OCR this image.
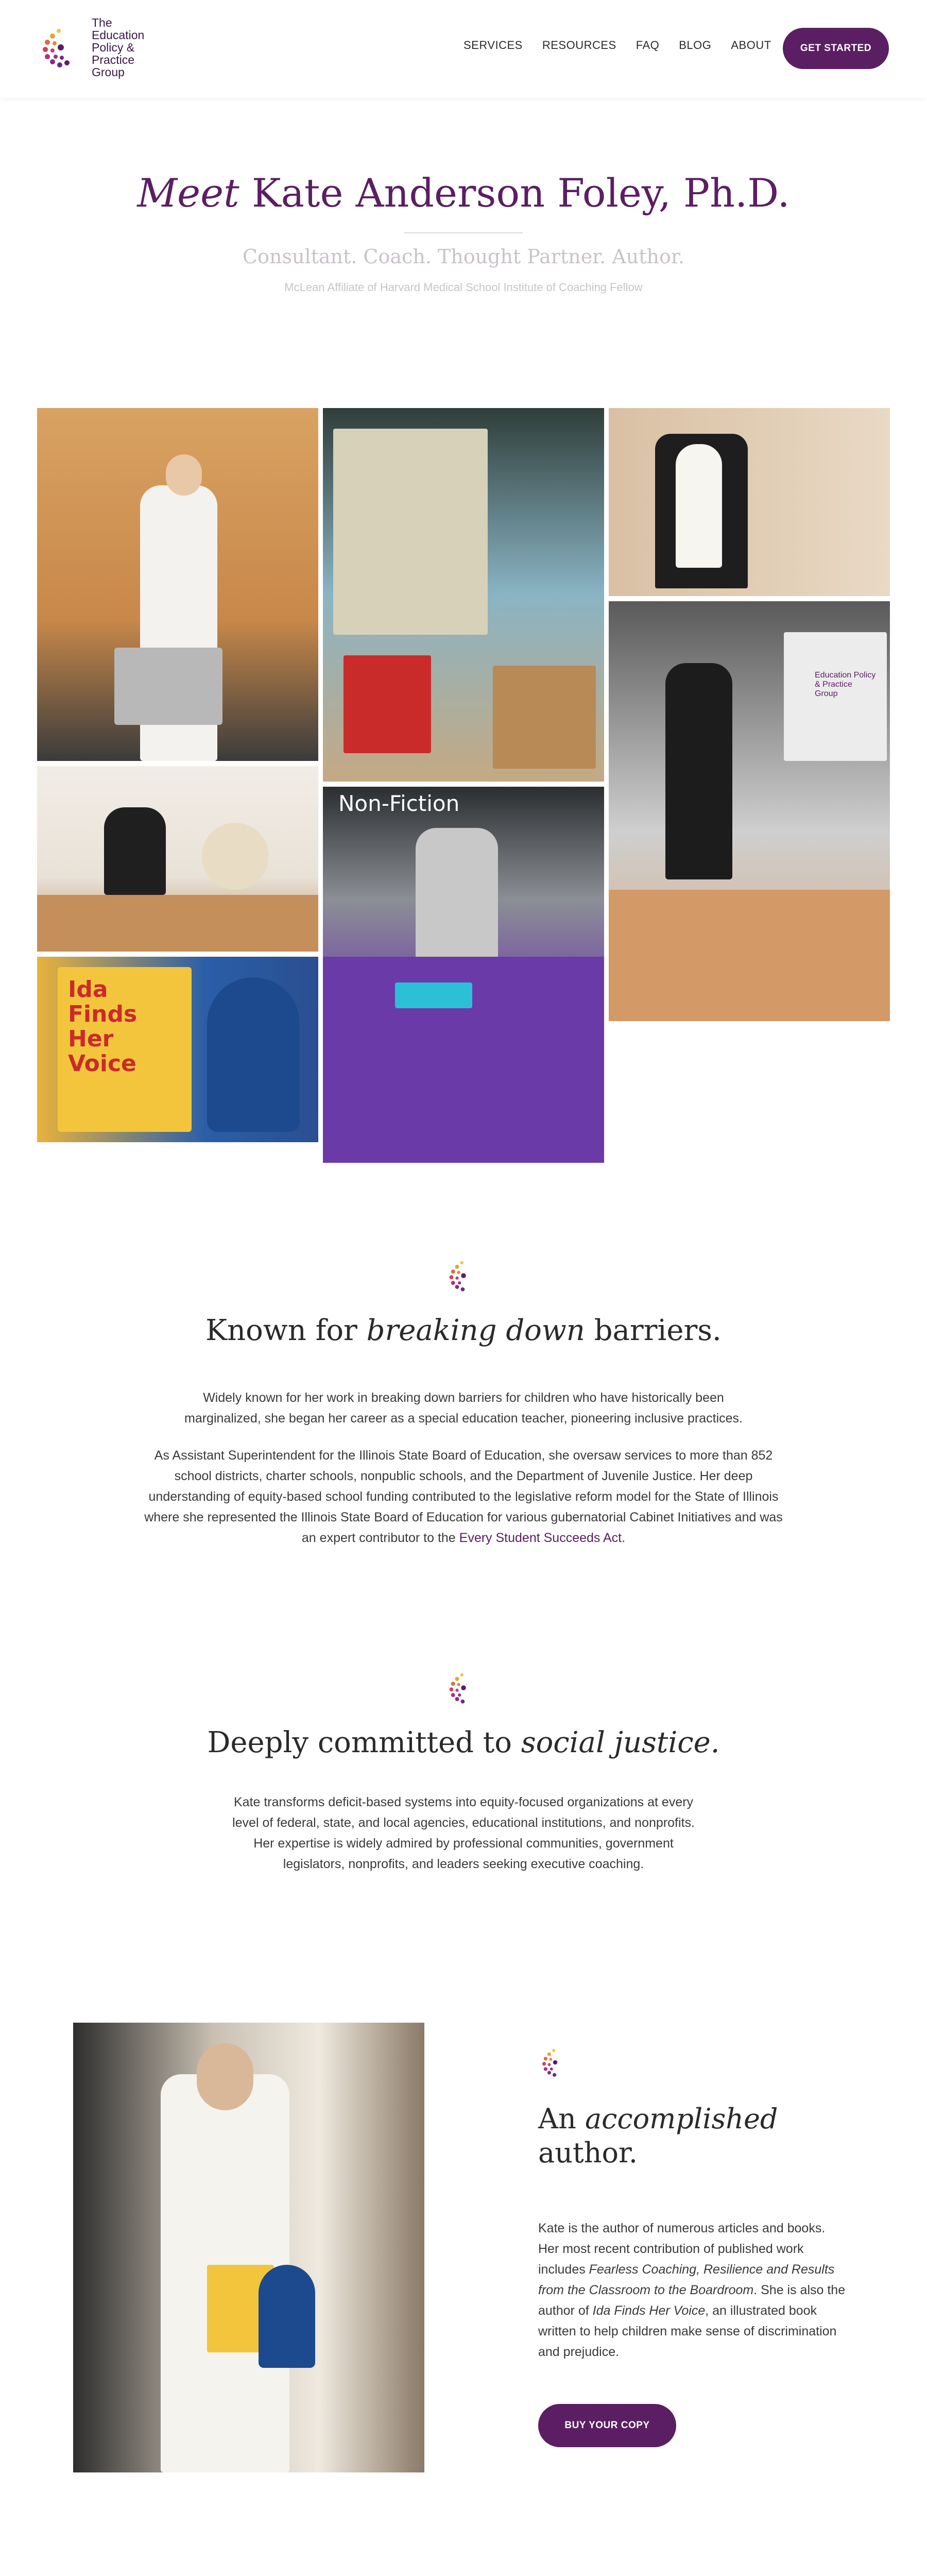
The
Education
Policy &
Practice
Group
SERVICES RESOURCES FAQ BLOG ABOUT	GET STARTED
Meet Kate Anderson Foley, Ph.D.
Consultant. Coach. Thought Partner. Author.
McLean Affiliate of Harvard Medical School Institute of Coaching Fellow
Non-Fiction
Education Policy & Practice Group
Ida Finds Her Voice
Known for breaking down barriers.

Widely known for her work in breaking down barriers for children who have historically been marginalized, she began her career as a special education teacher, pioneering inclusive practices.

As Assistant Superintendent for the Illinois State Board of Education, she oversaw services to more than 852 school districts, charter schools, nonpublic schools, and the Department of Juvenile Justice. Her deep understanding of equity-based school funding contributed to the legislative reform model for the State of Illinois where she represented the Illinois State Board of Education for various gubernatorial Cabinet Initiatives and was an expert contributor to the Every Student Succeeds Act.

Deeply committed to social justice.

Kate transforms deficit-based systems into equity-focused organizations at every level of federal, state, and local agencies, educational institutions, and nonprofits. Her expertise is widely admired by professional communities, government legislators, nonprofits, and leaders seeking executive coaching.

An accomplished
author.

Kate is the author of numerous articles and books. Her most recent contribution of published work includes Fearless Coaching, Resilience and Results from the Classroom to the Boardroom. She is also the author of Ida Finds Her Voice, an illustrated book written to help children make sense of discrimination and prejudice.

BUY YOUR COPY
